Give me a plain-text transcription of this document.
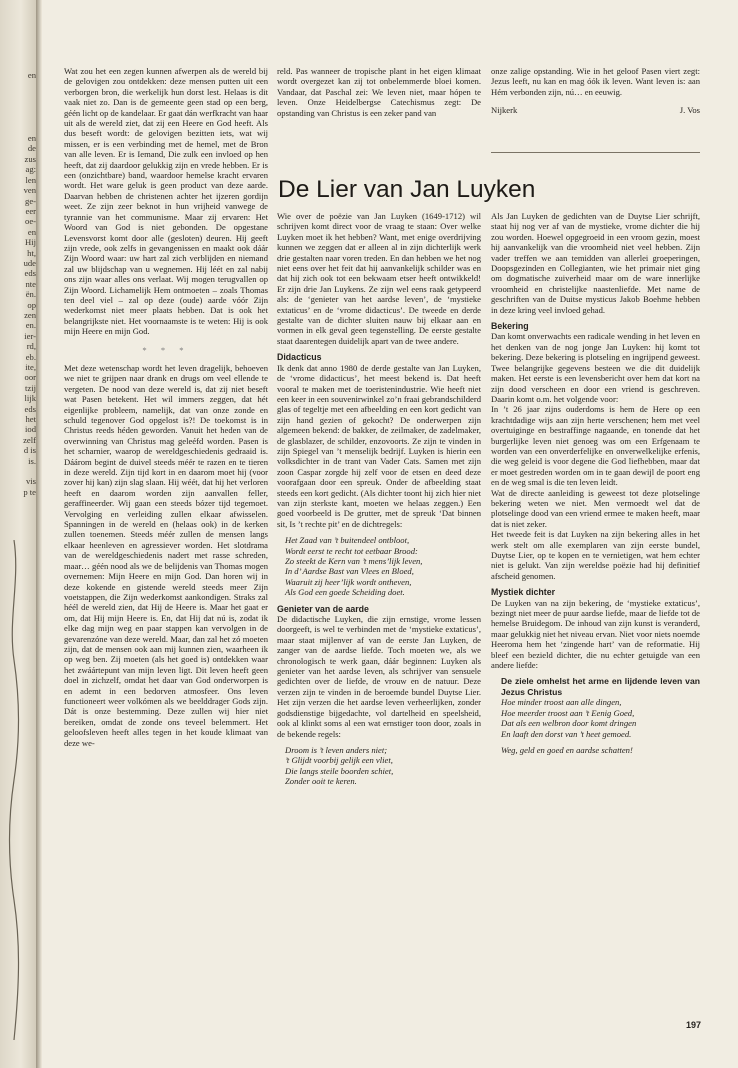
en
en
de
zus
ag:
len
ven
ge-
eer
oe-
en
Hij
ht,
ude
eds
nte
ën.
op
zen
en.
ier-
rd,
eb.
ite,
oor
tzij
lijk
eds
het
iod
zelf
d is
is.
vis
p te

Wat zou het een zegen kunnen afwerpen als de wereld bij de gelovigen zou ontdekken: deze mensen putten uit een verborgen bron, die werkelijk hun dorst lest. Helaas is dit vaak niet zo. Dan is de gemeente geen stad op een berg, géén licht op de kandelaar. Er gaat dán werfkracht van haar uit als de wereld ziet, dat zij een Heere en God heeft. Als dus beseft wordt: de gelovigen bezitten iets, wat wij missen, er is een verbinding met de hemel, met de Bron van alle leven. Er is Iemand, Die zulk een invloed op hen heeft, dat zij daardoor gelukkig zijn en vrede hebben. Er is een (onzichtbare) band, waardoor hemelse kracht ervaren wordt. Het ware geluk is geen product van deze aarde. Daarvan hebben de christenen achter het ijzeren gordijn weet. Ze zijn zeer beknot in hun vrijheid vanwege de tyrannie van het communisme. Maar zij ervaren: Het Woord van God is niet gebonden. De opgestane Levensvorst komt door alle (gesloten) deuren. Hij geeft zijn vrede, ook zelfs in gevangenissen en maakt ook dáár Zijn Woord waar: uw hart zal zich verblijden en niemand zal uw blijdschap van u wegnemen. Hij léét en zal nabij ons zijn waar alles ons verlaat. Wij mogen terugvallen op Zijn Woord. Lichamelijk Hem ontmoeten – zoals Thomas ten deel viel – zal op deze (oude) aarde vóór Zijn wederkomst niet meer plaats hebben. Dat is ook het belangrijkste niet. Het voornaamste is te weten: Hij is ook mijn Heere en mijn God.

* * *

Met deze wetenschap wordt het leven dragelijk, behoeven we niet te grijpen naar drank en drugs om veel ellende te vergeten. De nood van deze wereld is, dat zij niet beseft wat Pasen betekent. Het wil immers zeggen, dat hét eigenlijke probleem, namelijk, dat van onze zonde en schuld tegenover God opgelost is?! De toekomst is in Christus reeds héden geworden. Vanuit het heden van de overwinning van Christus mag geleéfd worden. Pasen is het scharnier, waarop de wereldgeschiedenis gedraaid is. Dáárom begint de duivel steeds méér te razen en te tieren in deze wereld. Zijn tijd kort in en daarom moet hij (voor zover hij kan) zijn slag slaan. Hij wéét, dat hij het verloren heeft en daarom worden zijn aanvallen feller, geraffineerder. Wij gaan een steeds bózer tijd tegemoet. Vervolging en verleiding zullen elkaar afwisselen. Spanningen in de wereld en (helaas ook) in de kerken zullen toenemen. Steeds méér zullen de mensen langs elkaar heenleven en agressiever worden. Het slotdrama van de wereldgeschiedenis nadert met rasse schreden, maar… géén nood als we de belijdenis van Thomas mogen overnemen: Mijn Heere en mijn God. Dan horen wij in deze kokende en gistende wereld steeds meer Zijn voetstappen, die Zijn wederkomst aankondigen. Straks zal héél de wereld zien, dat Hij de Heere is. Maar het gaat er om, dat Hij mijn Heere is. En, dat Hij dat nú is, zodat ik elke dag mijn weg en paar stappen kan vervolgen in de gevarenzóne van deze wereld. Maar, dan zal het zó moeten zijn, dat de mensen ook aan mij kunnen zien, waarheen ik op weg ben. Zij moeten (als het goed is) ontdekken waar het zwáártepunt van mijn leven ligt. Dit leven heeft geen doel in zichzelf, omdat het daar van God onderworpen is en ademt in een bedorven atmosfeer. Ons leven functioneert weer volkómen als we beelddrager Gods zijn. Dát is onze bestemming. Deze zullen wij hier niet bereiken, omdat de zonde ons teveel belemmert. Het geloofsleven heeft alles tegen in het koude klimaat van deze we-

reld. Pas wanneer de tropische plant in het eigen klimaat wordt overgezet kan zij tot onbelemmerde bloei komen. Vandaar, dat Paschal zei: We leven niet, maar hópen te leven. Onze Heidelbergse Catechismus zegt: De opstanding van Christus is een zeker pand van

onze zalige opstanding. Wie in het geloof Pasen viert zegt: Jezus leeft, nu kan en mag óók ik leven. Want leven is: aan Hém verbonden zijn, nú… en eeuwig.

Nijkerk	J. Vos
De Lier van Jan Luyken

Wie over de poëzie van Jan Luyken (1649-1712) wil schrijven komt direct voor de vraag te staan: Over welke Luyken moet ik het hebben? Want, met enige overdrijving kunnen we zeggen dat er alleen al in zijn dichterlijk werk drie gestalten naar voren treden. En dan hebben we het nog niet eens over het feit dat hij aanvankelijk schilder was en dat hij zich ook tot een bekwaam etser heeft ontwikkeld! Er zijn drie Jan Luykens. Ze zijn wel eens raak getypeerd als: de ‘genieter van het aardse leven’, de ‘mystieke extaticus’ en de ‘vrome didacticus’. De tweede en derde gestalte van de dichter sluiten nauw bij elkaar aan en vormen in elk geval geen tegenstelling. De eerste gestalte staat daarentegen duidelijk apart van de twee andere.

Didacticus

Ik denk dat anno 1980 de derde gestalte van Jan Luyken, de ‘vrome didacticus’, het meest bekend is. Dat heeft vooral te maken met de toeristenindustrie. Wie heeft niet een keer in een souvenirwinkel zo’n fraai gebrandschilderd glas of tegeltje met een afbeelding en een kort gedicht van zijn hand gezien of gekocht? De onderwerpen zijn algemeen bekend: de bakker, de zeilmaker, de zadelmaker, de glasblazer, de schilder, enzovoorts. Ze zijn te vinden in zijn Spiegel van ’t menselijk bedrijf. Luyken is hierin een volksdichter in de trant van Vader Cats. Samen met zijn zoon Caspar zorgde hij zelf voor de etsen en deed deze voorafgaan door een spreuk. Onder de afbeelding staat steeds een kort gedicht. (Als dichter toont hij zich hier niet van zijn sterkste kant, moeten we helaas zeggen.) Een goed voorbeeld is De grutter, met de spreuk ‘Dat binnen sit, Is ’t rechte pit’ en de dichtregels:

Het Zaad van ’t buitendeel ontbloot,
Wordt eerst te recht tot eetbaar Brood:
Zo steekt de Kern van ’t mens’lijk leven,
In d’ Aardse Bast van Vlees en Bloed,
Waaruit zij heer’lijk wordt ontheven,
Als God een goede Scheiding doet.
Genieter van de aarde

De didactische Luyken, die zijn ernstige, vrome lessen doorgeeft, is wel te verbinden met de ‘mystieke extaticus’, maar staat mijlenver af van de eerste Jan Luyken, de zanger van de aardse liefde. Toch moeten we, als we chronologisch te werk gaan, dáár beginnen: Luyken als genieter van het aardse leven, als schrijver van sensuele gedichten over de liefde, de vrouw en de natuur. Deze verzen zijn te vinden in de beroemde bundel Duytse Lier. Het zijn verzen die het aardse leven verheerlijken, zonder godsdienstige bijgedachte, vol dartelheid en speelsheid, ook al klinkt soms al een wat ernstiger toon door, zoals in de bekende regels:

Droom is ’t leven anders niet;
’t Glijdt voorbij gelijk een vliet,
Die langs steile boorden schiet,
Zonder ooit te keren.

Als Jan Luyken de gedichten van de Duytse Lier schrijft, staat hij nog ver af van de mystieke, vrome dichter die hij zou worden. Hoewel opgegroeid in een vroom gezin, moest hij aanvankelijk van die vroomheid niet veel hebben. Zijn vader treffen we aan temidden van allerlei groeperingen, Doopsgezinden en Collegianten, wie het primair niet ging om dogmatische zuiverheid maar om de ware innerlijke vroomheid en christelijke naastenliefde. Met name de geschriften van de Duitse mysticus Jakob Boehme hebben in deze kring veel invloed gehad.

Bekering

Dan komt onverwachts een radicale wending in het leven en het denken van de nog jonge Jan Luyken: hij komt tot bekering. Deze bekering is plotseling en ingrijpend geweest. Twee belangrijke gegevens besteen we die dit duidelijk maken. Het eerste is een levensbericht over hem dat kort na zijn dood verscheen en door een vriend is geschreven. Daarin komt o.m. het volgende voor:

In ’t 26 jaar zijns ouderdoms is hem de Here op een krachtdadige wijs aan zijn herte verschenen; hem met veel overtuiginge en bestraffinge nagaande, en tonende dat het burgerlijke leven niet genoeg was om een Erfgenaam te worden van een onverderfelijke en onverwelkelijke erfenis, die weg geleid is voor degene die God liefhebben, maar dat er moet gestreden worden om in te gaan dewijl de poort eng en de weg smal is die ten leven leidt.

Wat de directe aanleiding is geweest tot deze plotselinge bekering weten we niet. Men vermoedt wel dat de plotselinge dood van een vriend ermee te maken heeft, maar dat is niet zeker.

Het tweede feit is dat Luyken na zijn bekering alles in het werk stelt om alle exemplaren van zijn eerste bundel, Duytse Lier, op te kopen en te vernietigen, wat hem echter niet is gelukt. Van zijn wereldse poëzie had hij definitief afscheid genomen.

Mystiek dichter

De Luyken van na zijn bekering, de ‘mystieke extaticus’, bezingt niet meer de puur aardse liefde, maar de liefde tot de hemelse Bruidegom. De inhoud van zijn kunst is veranderd, maar gelukkig niet het niveau ervan. Niet voor niets noemde Heeroma hem het ‘zingende hart’ van de reformatie. Hij bleef een bezield dichter, die nu echter getuigde van een andere liefde:

De ziele omhelst het arme en lijdende leven van Jezus Christus
Hoe minder troost aan alle dingen,
Hoe meerder troost aan ’t Eenig Goed,
Dat als een welbron door komt dringen
En laaft den dorst van ’t heet gemoed.
Weg, geld en goed en aardse schatten!
197
